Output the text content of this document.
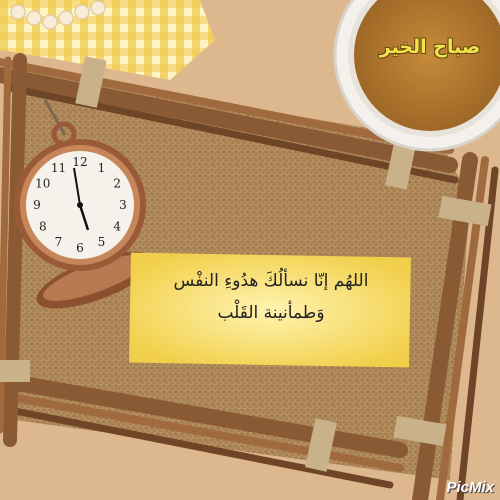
12 1
2
3
4
5
6
7
8
9
10
11
صباح الخير
اللهُم إنّا نسألُكَ هدُوءِ النفْس
وَطمأنينة القَلْب
PicMix
